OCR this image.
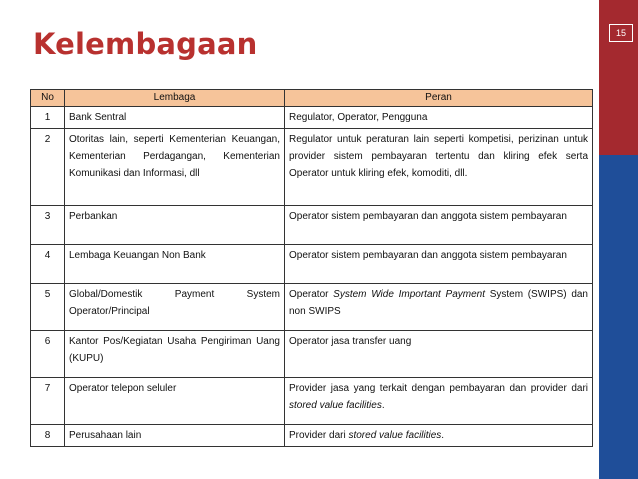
15
Kelembagaan
No	Lembaga	Peran
1	Bank Sentral	Regulator, Operator, Pengguna
2	Otoritas lain, seperti Kementerian Keuangan, Kementerian Perdagangan, Kementerian Komunikasi dan Informasi, dll	Regulator untuk peraturan lain seperti kompetisi, perizinan untuk provider sistem pembayaran tertentu dan kliring efek serta Operator untuk kliring efek, komoditi, dll.
3	Perbankan	Operator sistem pembayaran dan anggota sistem pembayaran
4	Lembaga Keuangan Non Bank	Operator sistem pembayaran dan anggota sistem pembayaran
5	Global/Domestik Payment System Operator/Principal	Operator System Wide Important Payment System (SWIPS) dan non SWIPS
6	Kantor Pos/Kegiatan Usaha Pengiriman Uang (KUPU)	Operator jasa transfer uang
7	Operator telepon seluler	Provider jasa yang terkait dengan pembayaran dan provider dari stored value facilities.
8	Perusahaan lain	Provider dari stored value facilities.
